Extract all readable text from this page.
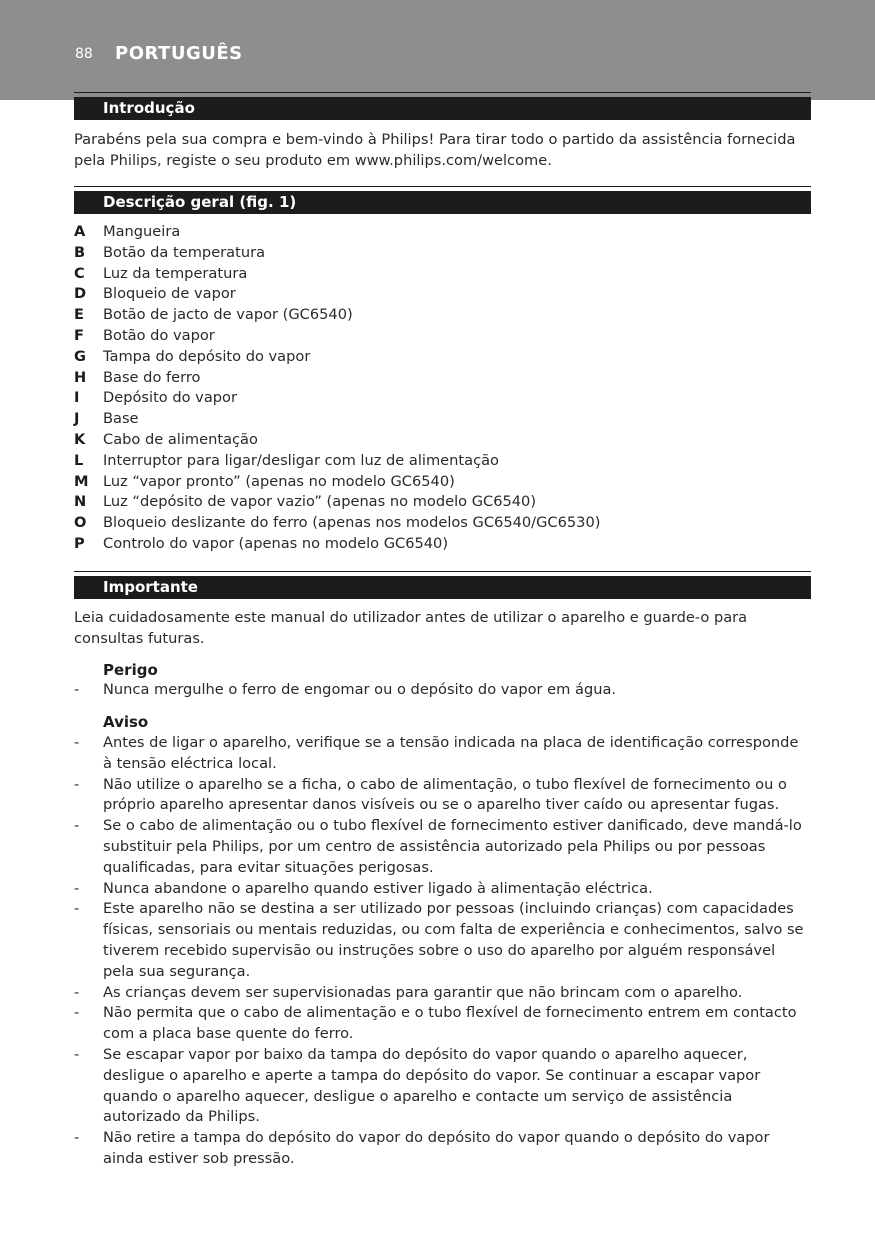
88 PORTUGUÊS
Introdução
Parabéns pela sua compra e bem-vindo à Philips! Para tirar todo o partido da assistência fornecida pela Philips, registe o seu produto em www.philips.com/welcome.
Descrição geral (fig. 1)
A Mangueira
B Botão da temperatura
C Luz da temperatura
D Bloqueio de vapor
E Botão de jacto de vapor (GC6540)
F Botão do vapor
G Tampa do depósito do vapor
H Base do ferro
I Depósito do vapor
J Base
K Cabo de alimentação
L Interruptor para ligar/desligar com luz de alimentação
M Luz “vapor pronto” (apenas no modelo GC6540)
N Luz “depósito de vapor vazio” (apenas no modelo GC6540)
O Bloqueio deslizante do ferro (apenas nos modelos GC6540/GC6530)
P Controlo do vapor (apenas no modelo GC6540)
Importante
Leia cuidadosamente este manual do utilizador antes de utilizar o aparelho e guarde-o para consultas futuras.
Perigo
-	Nunca mergulhe o ferro de engomar ou o depósito do vapor em água.
Aviso
-	Antes de ligar o aparelho, verifique se a tensão indicada na placa de identificação corresponde à tensão eléctrica local.
-	Não utilize o aparelho se a ficha, o cabo de alimentação, o tubo flexível de fornecimento ou o próprio aparelho apresentar danos visíveis ou se o aparelho tiver caído ou apresentar fugas.
-	Se o cabo de alimentação ou o tubo flexível de fornecimento estiver danificado, deve mandá-lo substituir pela Philips, por um centro de assistência autorizado pela Philips ou por pessoas qualificadas, para evitar situações perigosas.
-	Nunca abandone o aparelho quando estiver ligado à alimentação eléctrica.
-	Este aparelho não se destina a ser utilizado por pessoas (incluindo crianças) com capacidades físicas, sensoriais ou mentais reduzidas, ou com falta de experiência e conhecimentos, salvo se tiverem recebido supervisão ou instruções sobre o uso do aparelho por alguém responsável pela sua segurança.
-	As crianças devem ser supervisionadas para garantir que não brincam com o aparelho.
-	Não permita que o cabo de alimentação e o tubo flexível de fornecimento entrem em contacto com a placa base quente do ferro.
-	Se escapar vapor por baixo da tampa do depósito do vapor quando o aparelho aquecer, desligue o aparelho e aperte a tampa do depósito do vapor. Se continuar a escapar vapor quando o aparelho aquecer, desligue o aparelho e contacte um serviço de assistência autorizado da Philips.
-	Não retire a tampa do depósito do vapor do depósito do vapor quando o depósito do vapor ainda estiver sob pressão.
